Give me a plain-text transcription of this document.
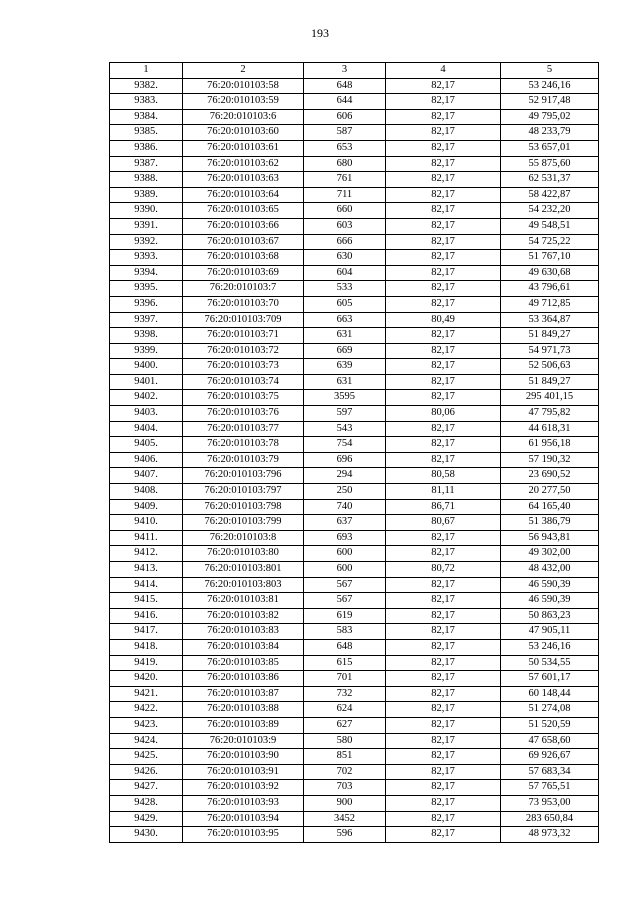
193
1	2	3	4	5
9382.	76:20:010103:58	648	82,17	53 246,16
9383.	76:20:010103:59	644	82,17	52 917,48
9384.	76:20:010103:6	606	82,17	49 795,02
9385.	76:20:010103:60	587	82,17	48 233,79
9386.	76:20:010103:61	653	82,17	53 657,01
9387.	76:20:010103:62	680	82,17	55 875,60
9388.	76:20:010103:63	761	82,17	62 531,37
9389.	76:20:010103:64	711	82,17	58 422,87
9390.	76:20:010103:65	660	82,17	54 232,20
9391.	76:20:010103:66	603	82,17	49 548,51
9392.	76:20:010103:67	666	82,17	54 725,22
9393.	76:20:010103:68	630	82,17	51 767,10
9394.	76:20:010103:69	604	82,17	49 630,68
9395.	76:20:010103:7	533	82,17	43 796,61
9396.	76:20:010103:70	605	82,17	49 712,85
9397.	76:20:010103:709	663	80,49	53 364,87
9398.	76:20:010103:71	631	82,17	51 849,27
9399.	76:20:010103:72	669	82,17	54 971,73
9400.	76:20:010103:73	639	82,17	52 506,63
9401.	76:20:010103:74	631	82,17	51 849,27
9402.	76:20:010103:75	3595	82,17	295 401,15
9403.	76:20:010103:76	597	80,06	47 795,82
9404.	76:20:010103:77	543	82,17	44 618,31
9405.	76:20:010103:78	754	82,17	61 956,18
9406.	76:20:010103:79	696	82,17	57 190,32
9407.	76:20:010103:796	294	80,58	23 690,52
9408.	76:20:010103:797	250	81,11	20 277,50
9409.	76:20:010103:798	740	86,71	64 165,40
9410.	76:20:010103:799	637	80,67	51 386,79
9411.	76:20:010103:8	693	82,17	56 943,81
9412.	76:20:010103:80	600	82,17	49 302,00
9413.	76:20:010103:801	600	80,72	48 432,00
9414.	76:20:010103:803	567	82,17	46 590,39
9415.	76:20:010103:81	567	82,17	46 590,39
9416.	76:20:010103:82	619	82,17	50 863,23
9417.	76:20:010103:83	583	82,17	47 905,11
9418.	76:20:010103:84	648	82,17	53 246,16
9419.	76:20:010103:85	615	82,17	50 534,55
9420.	76:20:010103:86	701	82,17	57 601,17
9421.	76:20:010103:87	732	82,17	60 148,44
9422.	76:20:010103:88	624	82,17	51 274,08
9423.	76:20:010103:89	627	82,17	51 520,59
9424.	76:20:010103:9	580	82,17	47 658,60
9425.	76:20:010103:90	851	82,17	69 926,67
9426.	76:20:010103:91	702	82,17	57 683,34
9427.	76:20:010103:92	703	82,17	57 765,51
9428.	76:20:010103:93	900	82,17	73 953,00
9429.	76:20:010103:94	3452	82,17	283 650,84
9430.	76:20:010103:95	596	82,17	48 973,32
